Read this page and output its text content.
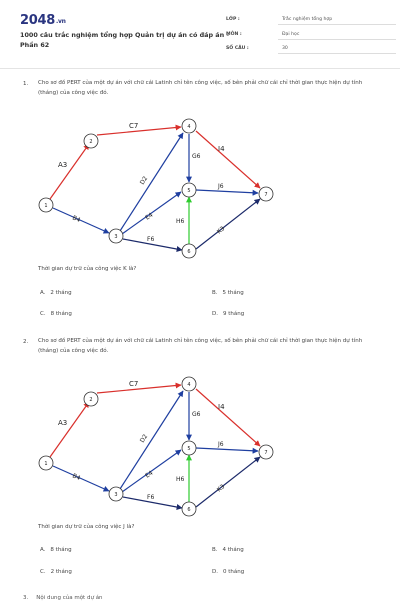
2048.vn
1000 câu trắc nghiệm tổng hợp Quản trị dự án có đáp án - Phần 62
LỚP :	Trắc nghiệm tổng hợp
MÔN :	Đại học
SỐ CÂU :	30
1. Cho sơ đồ PERT của một dự án với chữ cái Latinh chỉ tên công việc, số bên phải chữ cái chỉ thời gian thực hiện dự tính (tháng) của công việc đó.
Thời gian dự trữ của công việc K là?
A. 2 tháng	B. 5 tháng
C. 8 tháng	D. 9 tháng
2. Cho sơ đồ PERT của một dự án với chữ cái Latinh chỉ tên công việc, số bên phải chữ cái chỉ thời gian thực hiện dự tính (tháng) của công việc đó.
Thời gian dự trữ của công việc J là?
A. 8 tháng	B. 4 tháng
C. 2 tháng	D. 0 tháng
3. Nội dung của một dự án
